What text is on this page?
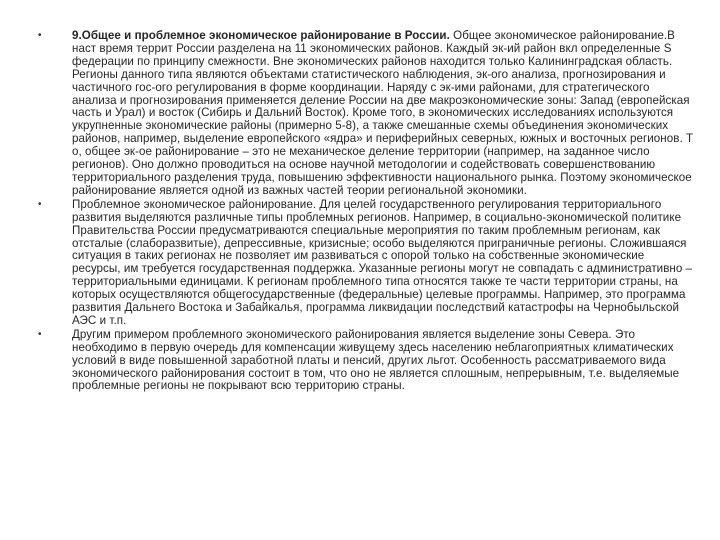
•	9.Общее и проблемное экономическое районирование в России. Общее экономическое районирование.В наст время террит России разделена на 11 экономических районов. Каждый эк-ий район вкл определенные S федерации по принципу смежности. Вне экономических районов находится только Калининградская область. Регионы данного типа являются объектами статистического наблюдения, эк-ого анализа, прогнозирования и частичного гос-ого регулирования в форме координации. Наряду с эк-ими районами, для стратегического анализа и прогнозирования применяется деление России на две макроэкономические зоны: Запад (европейская часть и Урал) и восток (Сибирь и Дальний Восток). Кроме того, в экономических исследованиях используются укрупненные экономические районы (примерно 5-8), а также смешанные схемы объединения экономических районов, например, выделение европейского «ядра» и периферийных северных, южных и восточных регионов. Т о, общее эк-ое районирование – это не механическое деление территории (например, на заданное число регионов). Оно должно проводиться на основе научной методологии и содействовать совершенствованию территориального разделения труда, повышению эффективности национального рынка. Поэтому экономическое районирование является одной из важных частей теории региональной экономики.
•	Проблемное экономическое районирование. Для целей государственного регулирования территориального развития выделяются различные типы проблемных регионов. Например, в социально-экономической политике Правительства России предусматриваются специальные мероприятия по таким проблемным регионам, как отсталые (слаборазвитые), депрессивные, кризисные; особо выделяются приграничные регионы. Сложившаяся ситуация в таких регионах не позволяет им развиваться с опорой только на собственные экономические ресурсы, им требуется государственная поддержка. Указанные регионы могут не совпадать с административно – территориальными единицами. К регионам проблемного типа относятся также те части территории страны, на которых осуществляются общегосударственные (федеральные) целевые программы. Например, это программа развития Дальнего Востока и Забайкалья, программа ликвидации последствий катастрофы на Чернобыльской АЭС и т.п.
•	Другим примером проблемного экономического районирования является выделение зоны Севера. Это необходимо в первую очередь для компенсации живущему здесь населению неблагоприятных климатических условий в виде повышенной заработной платы и пенсий, других льгот. Особенность рассматриваемого вида экономического районирования состоит в том, что оно не является сплошным, непрерывным, т.е. выделяемые проблемные регионы не покрывают всю территорию страны.
